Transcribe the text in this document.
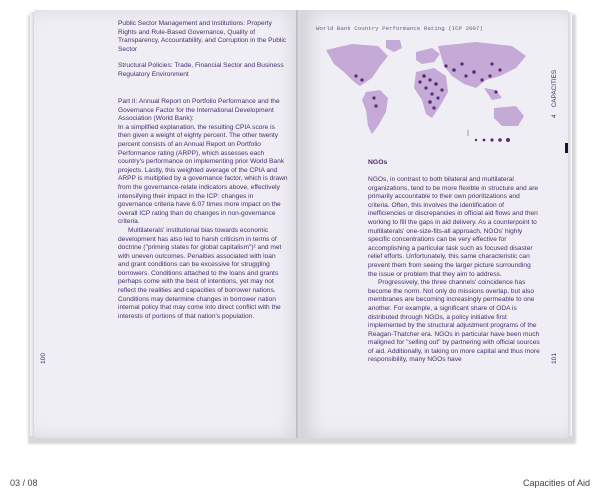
Public Sector Management and Institutions: Property Rights and Rule-Based Governance, Quality of Transparency, Accountability, and Corruption in the Public Sector

Structural Policies: Trade, Financial Sector and Business Regulatory Environment

Part II: Annual Report on Portfolio Performance and the Governance Factor for the International Development Association (World Bank):

In a simplified explanation, the resulting CPIA score is then given a weight of eighty percent. The other twenty percent consists of an Annual Report on Portfolio Performance rating (ARPP), which assesses each country's performance on implementing prior World Bank projects. Lastly, this weighted average of the CPIA and ARPP is multiplied by a governance factor, which is drawn from the governance-relate indicators above, effectively intensifying their impact in the ICP: changes in governance criteria have 6.07 times more impact on the overall ICP rating than do changes in non-governance criteria.

Multilaterals' institutional bias towards economic development has also led to harsh criticism in terms of doctrine ("priming states for global capitalism")² and met with uneven outcomes. Penalties associated with loan and grant conditions can be excessive for struggling borrowers. Conditions attached to the loans and grants perhaps come with the best of intentions, yet may not reflect the realities and capacities of borrower nations. Conditions may determine changes in borrower nation internal policy that may come into direct conflict with the interests of portions of that nation's population.

100
World Bank Country Performance Rating (ICP 2007)
NGOs

NGOs, in contrast to both bilateral and multilateral organizations, tend to be more flexible in structure and are primarily accountable to their own prioritizations and criteria. Often, this involves the identification of inefficiencies or discrepancies in official aid flows and then working to fill the gaps in aid delivery. As a counterpoint to multilaterals' one-size-fits-all approach, NGOs' highly specific concentrations can be very effective for accomplishing a particular task such as focused disaster relief efforts. Unfortunately, this same characteristic can prevent them from seeing the larger picture surrounding the issue or problem that they aim to address.

Progressively, the three channels' coincidence has become the norm. Not only do missions overlap, but also membranes are becoming increasingly permeable to one another. For example, a significant share of ODA is distributed through NGOs, a policy initiative first implemented by the structural adjustment programs of the Reagan-Thatcher era. NGOs in particular have been much maligned for "selling out" by partnering with official sources of aid. Additionally, in taking on more capital and thus more responsibility, many NGOs have

4    CAPACITIES
101
03 / 08	Capacities of Aid
